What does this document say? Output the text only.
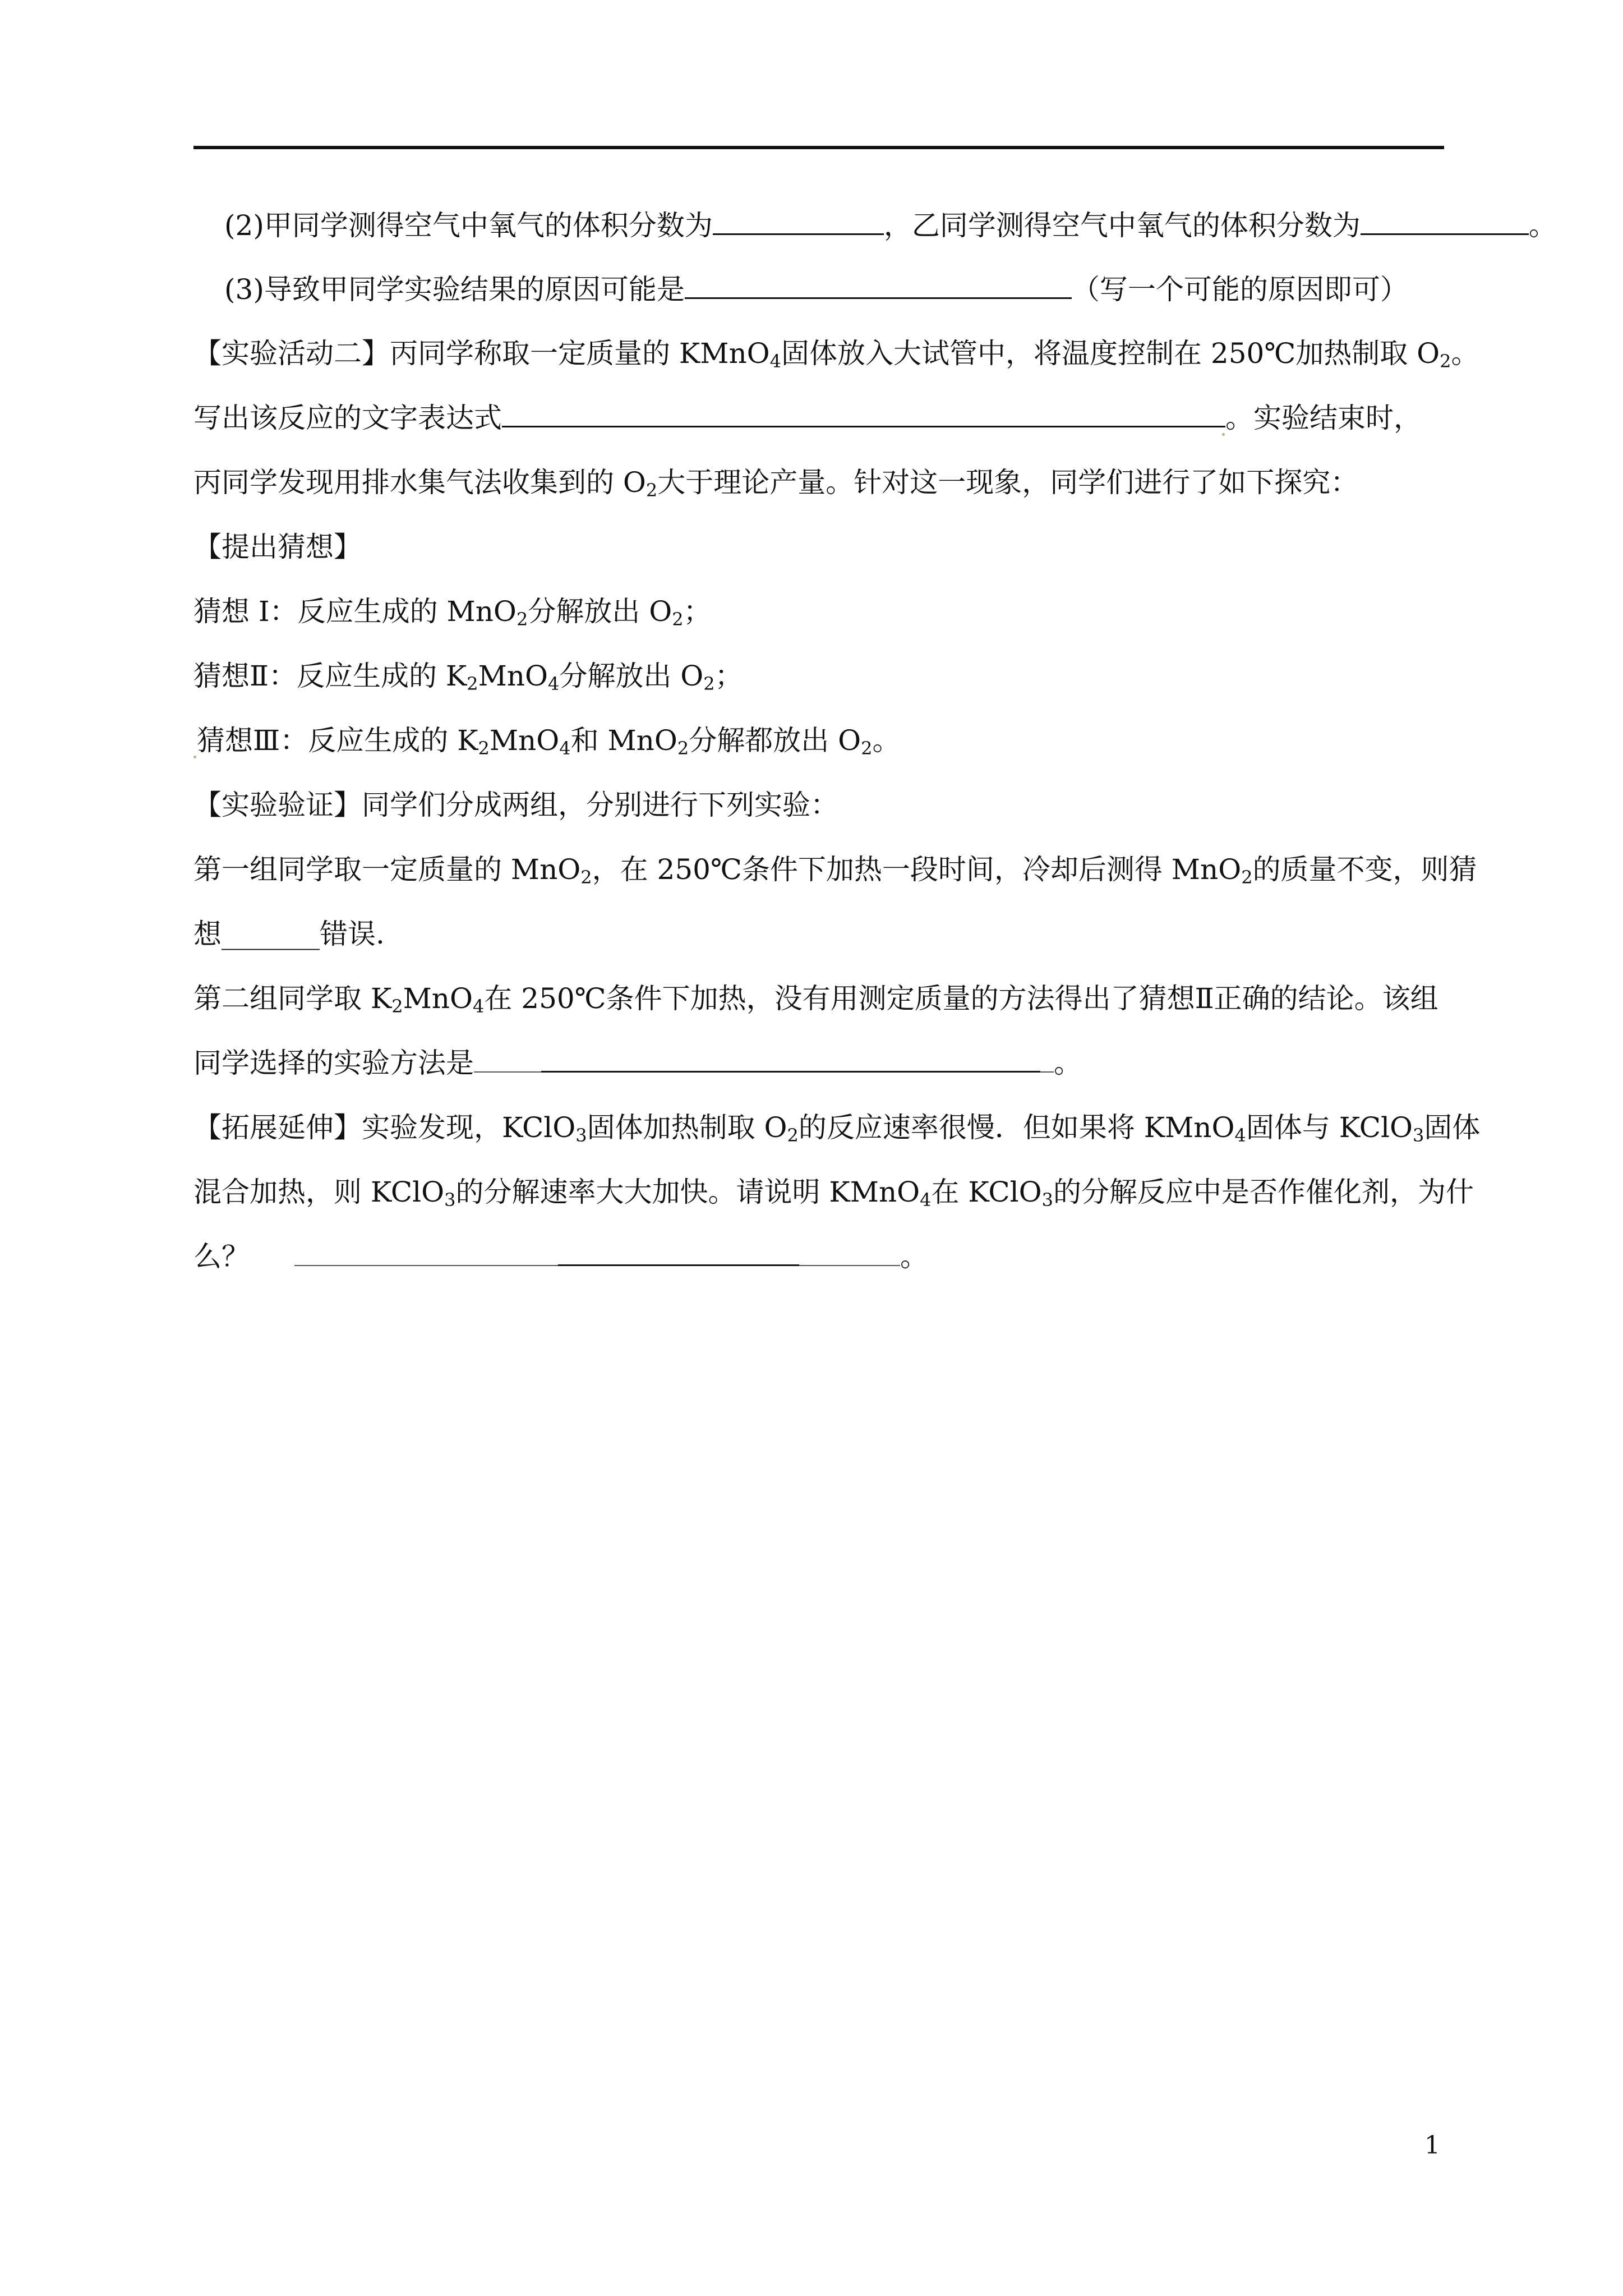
(2)甲同学测得空气中氧气的体积分数为	，乙同学测得空气中氧气的体积分数为	。
(3)导致甲同学实验结果的原因可能是	（写一个可能的原因即可）
【实验活动二】丙同学称取一定质量的 KMnO$_4$固体放入大试管中，将温度控制在 250℃加热制取 $O_2$。
写出该反应的文字表达式	。实验结束时，
丙同学发现用排水集气法收集到的 $O_2$大于理论产量。针对这一现象，同学们进行了如下探究：
【提出猜想】
猜想 I：反应生成的 MnO$_2$分解放出 $O_2$；
猜想Ⅱ：反应生成的 $K_2MnO_4$分解放出 $O_2$；
猜想Ⅲ：反应生成的 $K_2MnO_4$和 MnO$_2$分解都放出 $O_2$。
【实验验证】同学们分成两组，分别进行下列实验：
第一组同学取一定质量的 MnO$_2$，在 250℃条件下加热一段时间，冷却后测得 MnO$_2$的质量不变，则猜
想_______错误.
第二组同学取 $K_2MnO_4$在 250℃条件下加热，没有用测定质量的方法得出了猜想Ⅱ正确的结论。该组
同学选择的实验方法是	。
【拓展延伸】实验发现，KClO$_3$固体加热制取 $O_2$的反应速率很慢．但如果将 KMnO$_4$固体与 KClO$_3$固体
混合加热，则 KClO$_3$的分解速率大大加快。请说明 KMnO$_4$在 KClO$_3$的分解反应中是否作催化剂，为什
么？	。
1
